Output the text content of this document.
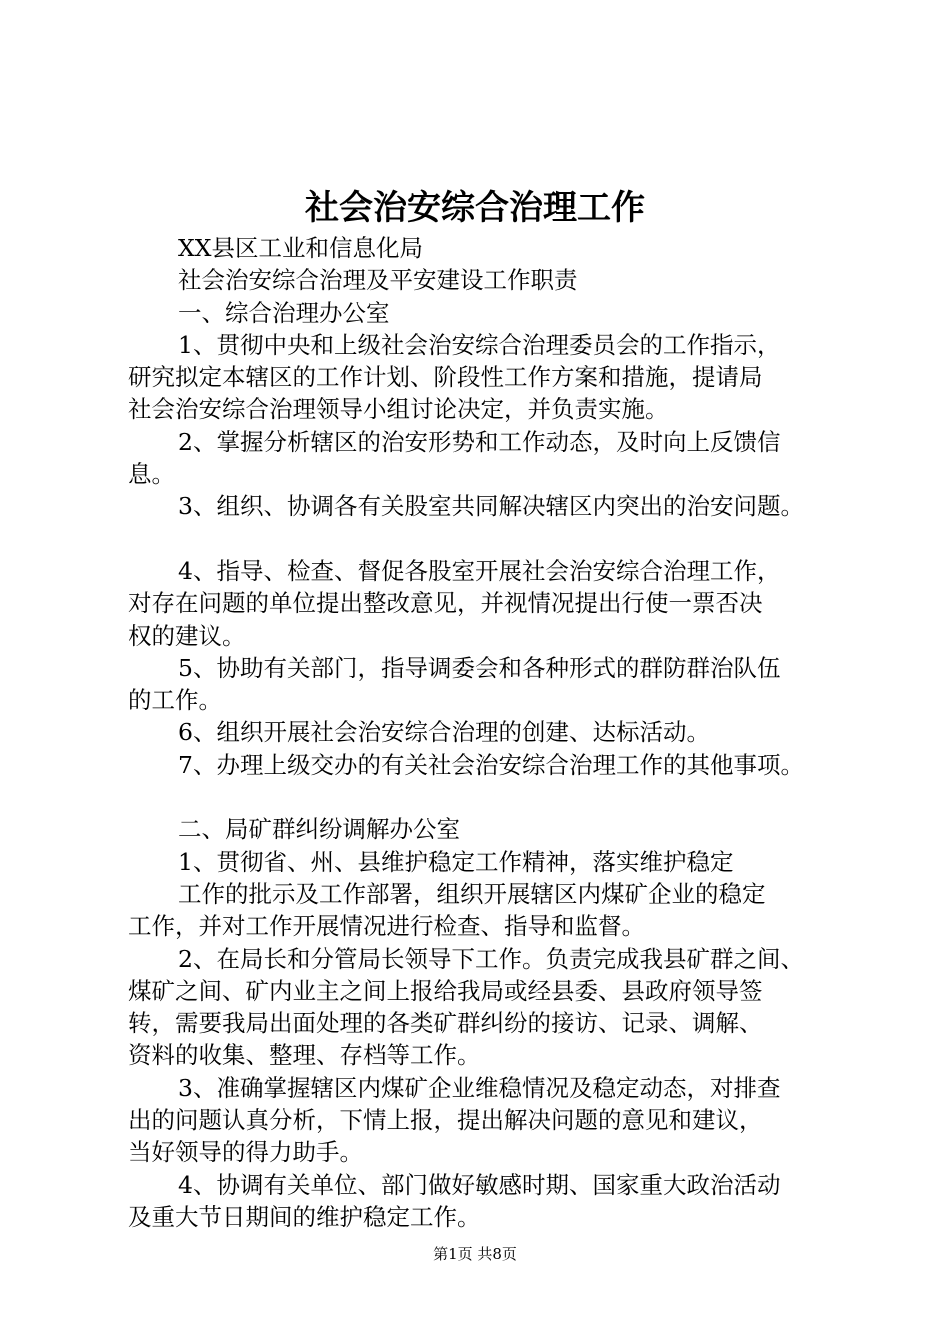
社会治安综合治理工作

XX县区工业和信息化局

社会治安综合治理及平安建设工作职责

一、综合治理办公室

1、贯彻中央和上级社会治安综合治理委员会的工作指示，

研究拟定本辖区的工作计划、阶段性工作方案和措施，提请局

社会治安综合治理领导小组讨论决定，并负责实施。

2、掌握分析辖区的治安形势和工作动态，及时向上反馈信

息。

3、组织、协调各有关股室共同解决辖区内突出的治安问题。

4、指导、检查、督促各股室开展社会治安综合治理工作，

对存在问题的单位提出整改意见，并视情况提出行使一票否决

权的建议。

5、协助有关部门，指导调委会和各种形式的群防群治队伍

的工作。

6、组织开展社会治安综合治理的创建、达标活动。

7、办理上级交办的有关社会治安综合治理工作的其他事项。

二、局矿群纠纷调解办公室

1、贯彻省、州、县维护稳定工作精神，落实维护稳定

工作的批示及工作部署，组织开展辖区内煤矿企业的稳定

工作，并对工作开展情况进行检查、指导和监督。

2、在局长和分管局长领导下工作。负责完成我县矿群之间、

煤矿之间、矿内业主之间上报给我局或经县委、县政府领导签

转，需要我局出面处理的各类矿群纠纷的接访、记录、调解、

资料的收集、整理、存档等工作。

3、准确掌握辖区内煤矿企业维稳情况及稳定动态，对排查

出的问题认真分析，下情上报，提出解决问题的意见和建议，

当好领导的得力助手。

4、协调有关单位、部门做好敏感时期、国家重大政治活动

及重大节日期间的维护稳定工作。

第1页 共8页
